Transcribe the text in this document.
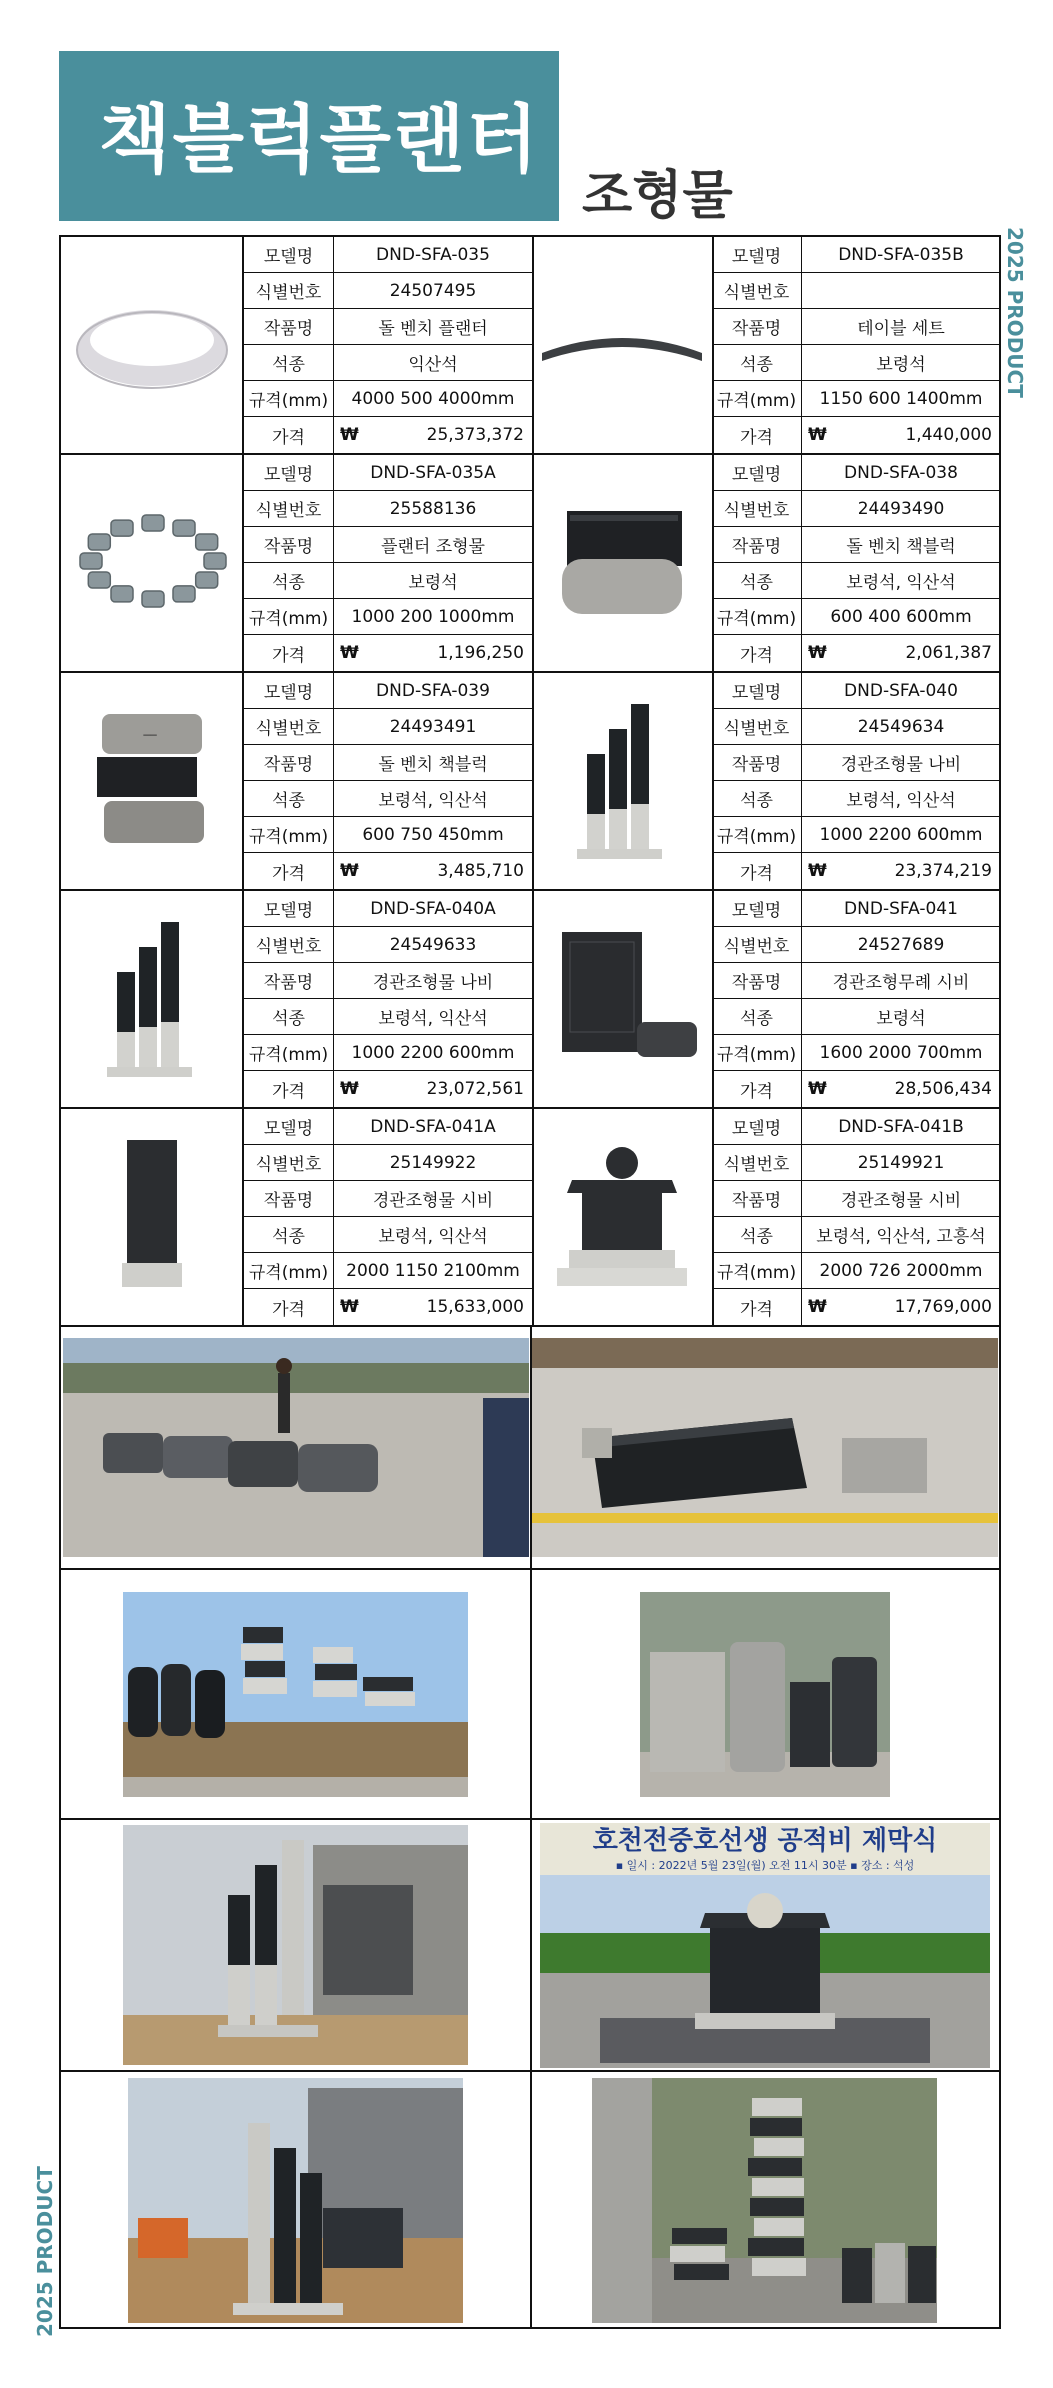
책블럭플랜터
조형물
2025 PRODUCT
2025 PRODUCT
모델명	DND-SFA-035
식별번호	24507495
작품명	돌 벤치 플랜터
석종	익산석
규격(mm)	4000 500 4000mm
가격	₩	25,373,372
모델명	DND-SFA-035B
식별번호
작품명	테이블 세트
석종	보령석
규격(mm)	1150 600 1400mm
가격	₩	1,440,000
모델명	DND-SFA-035A
식별번호	25588136
작품명	플랜터 조형물
석종	보령석
규격(mm)	1000 200 1000mm
가격	₩	1,196,250
모델명	DND-SFA-038
식별번호	24493490
작품명	돌 벤치 책블럭
석종	보령석, 익산석
규격(mm)	600 400 600mm
가격	₩	2,061,387
──
모델명	DND-SFA-039
식별번호	24493491
작품명	돌 벤치 책블럭
석종	보령석, 익산석
규격(mm)	600 750 450mm
가격	₩	3,485,710
모델명	DND-SFA-040
식별번호	24549634
작품명	경관조형물 나비
석종	보령석, 익산석
규격(mm)	1000 2200 600mm
가격	₩	23,374,219
모델명	DND-SFA-040A
식별번호	24549633
작품명	경관조형물 나비
석종	보령석, 익산석
규격(mm)	1000 2200 600mm
가격	₩	23,072,561
모델명	DND-SFA-041
식별번호	24527689
작품명	경관조형무례 시비
석종	보령석
규격(mm)	1600 2000 700mm
가격	₩	28,506,434
모델명	DND-SFA-041A
식별번호	25149922
작품명	경관조형물 시비
석종	보령석, 익산석
규격(mm)	2000 1150 2100mm
가격	₩	15,633,000
모델명	DND-SFA-041B
식별번호	25149921
작품명	경관조형물 시비
석종	보령석, 익산석, 고흥석
규격(mm)	2000 726 2000mm
가격	₩	17,769,000
호천전중호선생 공적비 제막식
▪ 일시 : 2022년 5월 23일(월) 오전 11시 30분 ▪ 장소 : 석성
